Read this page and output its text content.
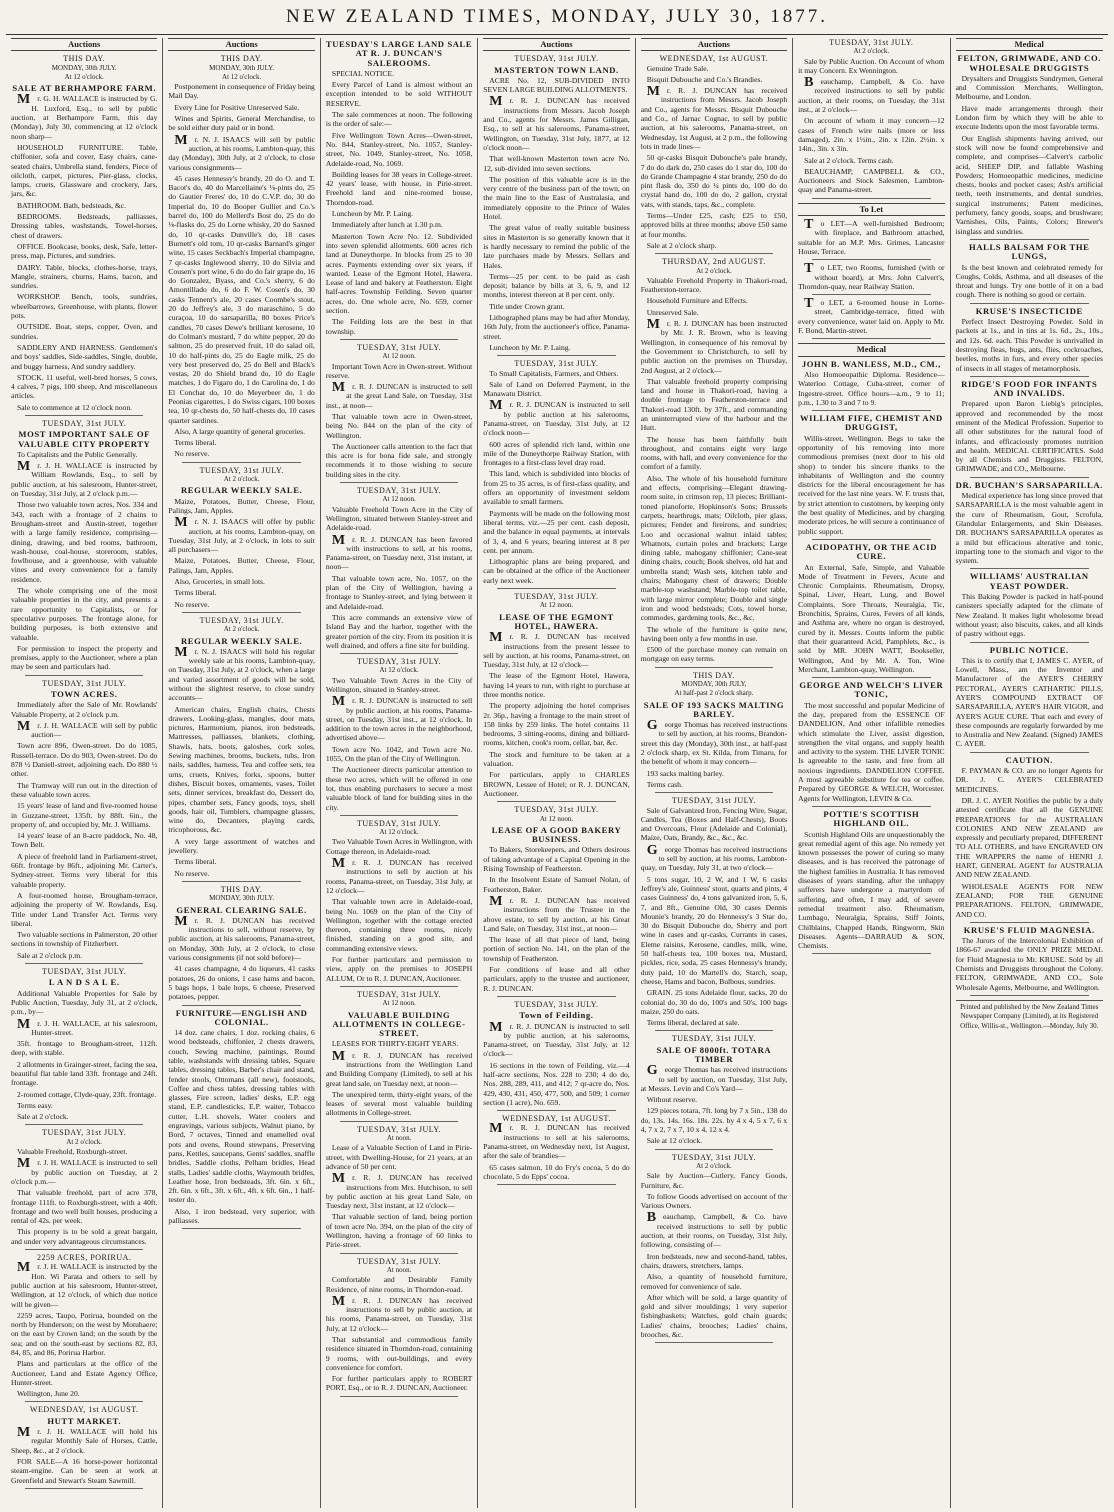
NEW ZEALAND TIMES, MONDAY, JULY 30, 1877.
Auctions
THIS DAY.
MONDAY, 30th JULY.
At 12 o'clock.
SALE AT BERHAMPORE FARM.

Mr. G. H. WALLACE is instructed by G. H. Luxford, Esq., to sell by public auction, at Berhampore Farm, this day (Monday), July 30, commencing at 12 o'clock noon sharp—

HOUSEHOLD FURNITURE. Table, chiffonier, sofa and cover, Easy chairs, cane-seated chairs, Umbrella stand, fenders, Piece of oilcloth, carpet, pictures, Pier-glass, clocks, lamps, cruets, Glassware and crockery, Jars, jars, &c.

BATHROOM. Bath, bedsteads, &c.

BEDROOMS. Bedsteads, palliasses, Dressing tables, washstands, Towel-horses, chest of drawers.

OFFICE. Bookcase, books, desk, Safe, letter-press, map, Pictures, and sundries.

DAIRY. Table, blocks, clothes-horse, trays, Mangle, strainers, churns, Hams, bacon, and sundries.

WORKSHOP. Bench, tools, sundries, wheelbarrows, Greenhouse, with plants, flower pots.

OUTSIDE. Boat, steps, copper, Oven, and sundries.

SADDLERY AND HARNESS. Gentlemen's and boys' saddles, Side-saddles, Single, double, and buggy harness, And sundry saddlery.

STOCK. 11 useful, well-bred horses, 5 cows, 4 calves, 7 pigs, 100 sheep, And miscellaneous articles.

Sale to commence at 12 o'clock noon.

TUESDAY, 31st JULY.
MOST IMPORTANT SALE OF VALUABLE CITY PROPERTY

To Capitalists and the Public Generally.

Mr. J. H. WALLACE is instructed by William Rowlands, Esq., to sell by public auction, at his salesroom, Hunter-street, on Tuesday, 31st July, at 2 o'clock p.m.—

Those two valuable town acres, Nos. 334 and 343, each with a frontage of 2 chains to Brougham-street and Austin-street, together with a large family residence, comprising—dining, drawing, and bed rooms, bathroom, wash-house, coal-house, storeroom, stables, fowlhouse, and a greenhouse, with valuable vines and every convenience for a family residence.

The whole comprising one of the most valuable properties in the city, and presents a rare opportunity to Capitalists, or for speculative purposes. The frontage alone, for building purposes, is both extensive and valuable.

For permission to inspect the property and premises, apply to the Auctioneer, where a plan may be seen and particulars had.

TUESDAY, 31st JULY.
TOWN ACRES.

Immediately after the Sale of Mr. Rowlands' Valuable Property, at 2 o'clock p.m.

Mr. J. H. WALLACE will sell by public auction—

Town acre 896, Owen-street. Do do 1085, Russell-terrace. Do do 903, Owen-street. Do do 878 ½ Daniell-street, adjoining each. Do 880 ½ other.

The Tramway will run out in the direction of these valuable town acres.

15 years' lease of land and five-roomed house in Guzzane-street, 135ft. by 88ft. 6in., the property of, and occupied by, Mr. J. Williams.

14 years' lease of an 8-acre paddock, No. 48, Town Belt.

A piece of freehold land in Parliament-street, 66ft. frontage by 86ft., adjoining Mr. Carter's, Sydney-street. Terms very liberal for this valuable property.

A four-roomed house, Brougham-terrace, adjoining the property of W. Rowlands, Esq. Title under Land Transfer Act. Terms very liberal.

Two valuable sections in Palmerston, 20 other sections in township of Fitzherbert.

Sale at 2 o'clock p.m.

TUESDAY, 31st JULY.
L A N D S A L E.

Additional Valuable Properties for Sale by Public Auction, Tuesday, July 31, at 2 o'clock, p.m., by—

Mr. J. H. WALLACE, at his salesroom, Hunter-street.

35ft. frontage to Brougham-street, 112ft. deep, with stable.

2 allotments in Grainger-street, facing the sea, beautiful flat table land 33ft. frontage and 24ft. frontage.

2-roomed cottage, Clyde-quay, 23ft. frontage.

Terms easy.

Sale at 2 o'clock.

TUESDAY, 31st JULY.
At 2 o'clock.

Valuable Freehold, Roxburgh-street.

Mr. J. H. WALLACE is instructed to sell by public auction on Tuesday, at 2 o'clock p.m.—

That valuable freehold, part of acre 378, frontage 111ft. to Roxburgh-street, with a 40ft. frontage and two well built houses, producing a rental of 42s. per week.

This property is to be sold a great bargain, and under very advantageous circumstances.

2259 ACRES, PORIRUA.

Mr. J. H. WALLACE is instructed by the Hon. Wi Parata and others to sell by public auction at his salesroom, Hunter-street, Wellington, at 12 o'clock, of which due notice will be given—

2259 acres, Taupo, Porirua, bounded on the north by Hunderson; on the west by Motuhaere; on the east by Crown land; on the south by the sea; and on the south-east by sections 82, 83, 84, 85, and 86, Porirua Harbor.

Plans and particulars at the office of the Auctioneer, Land and Estate Agency Office, Hunter-street.

Wellington, June 20.

WEDNESDAY, 1st AUGUST.
HUTT MARKET.

Mr. J. H. WALLACE will hold his regular Monthly Sale of Horses, Cattle, Sheep, &c., at 2 o'clock.

FOR SALE—A 16 horse-power horizontal steam-engine. Can be seen at work at Greenfield and Stewart's Steam Sawmill.

Auctions
THIS DAY.
MONDAY, 30th JULY.
At 12 o'clock.

Postponement in consequence of Friday being Mail Day.

Every Line for Positive Unreserved Sale.

Wines and Spirits, General Merchandise, to be sold either duty paid or in bond.

Mr. N. J. ISAACS will sell by public auction, at his rooms, Lambton-quay, this day (Monday), 30th July, at 2 o'clock, to close various consignments—

45 cases Hennessy's brandy, 20 do O. and T. Bacot's do, 40 do Marcellaine's ⅛-pints do, 25 do Gautier Freres' do, 10 do C.V.P. do, 30 do Imperial do, 10 do Booper Gulliet and Co.'s barrel do, 100 do Mellerd's Bost do, 25 do do ⅛-flasks do, 25 do Lorne whisky, 20 do Saxned do, 10 qr-casks Dunville's do, 18 cases Burnett's old tom, 10 qr-casks Barnard's ginger wine, 15 cases Seckbach's Imperial champagne, 7 qr-casks Inglewood sherry, 10 do Silvia and Cousen's port wine, 6 do do do fair grape do, 16 do Gonzalez, Byass, and Co.'s sherry, 6 do Amontillado do, 6 do F. W. Cosen's do, 30 casks Tennent's ale, 20 cases Coombe's stout, 20 do Jeffrey's ale, 3 do maraschino, 5 do curaçoa, 10 do sarsaparilla, 80 boxes Price's candles, 70 cases Dewe's brilliant kerosene, 10 do Colman's mustard, 7 do white pepper, 20 do salmon, 25 do preserved fruit, 10 do salad oil, 10 do half-pints do, 25 do Eagle milk, 25 do very best preserved do, 25 do Bell and Black's vestas, 20 do Shield brand do, 10 do Eagle matches, 1 do Figaro do, 1 do Carolina do, 1 do El Conchat do, 10 do Meyerbeer do, 1 do Peonias cigarettes, 1 do Swiss cigars, 100 boxes tea, 10 qr-chests do, 50 half-chests do, 10 cases quarter sardines.

Also, A large quantity of general groceries.

Terms liberal.

No reserve.

TUESDAY, 31st JULY.
At 2 o'clock.
REGULAR WEEKLY SALE.

Maize, Potatoes, Butter, Cheese, Flour, Palings, Jam, Apples.

Mr. N. J. ISAACS will offer by public auction, at his rooms, Lambton-quay, on Tuesday, 31st July, at 2 o'clock, in lots to suit all purchasers—

Maize, Potatoes, Butter, Cheese, Flour, Palings, Jam, Apples.

Also, Groceries, in small lots.

Terms liberal.

No reserve.

TUESDAY, 31st JULY.
At 2 o'clock.
REGULAR WEEKLY SALE.

Mr. N. J. ISAACS will hold his regular weekly sale at his rooms, Lambton-quay, on Tuesday, 31st July, at 2 o'clock, when a large and varied assortment of goods will be sold, without the slightest reserve, to close sundry accounts—

American chairs, English chairs, Chests drawers, Looking-glass, mangles, door mats, pictures, Harmonium, pianos, iron bedsteads, Mattresses, palliasses, blankets, clothing, Shawls, hats, boots, galoshes, cork soles, Sewing machines, brooms, buckets, tubs, Iron nails, saddles, harness, Tea and coffee sets, tea urns, cruets, Knives, forks, spoons, butter dishes, Biscuit boxes, ornaments, vases, Toilet sets, dinner services, breakfast do, Dessert do, pipes, chamber sets, Fancy goods, toys, shell goods, hair oil, Tumblers, champagne glasses, wine do, Decanters, playing cards, tricophorous, &c.

A very large assortment of watches and jewellery.

Terms liberal.

No reserve.

THIS DAY.
MONDAY, 30th JULY.
GENERAL CLEARING SALE.

Mr. R. J. DUNCAN has received instructions to sell, without reserve, by public auction, at his salerooms, Panama-street, on Monday, 30th July, at 2 o'clock, to close various consignments (if not sold before)—

41 cases champagne, 4 do liqueurs, 41 casks potatoes, 26 do onions, 1 case hams and bacon, 5 bags hops, 1 bale hops, 6 cheese, Preserved potatoes, pepper.

FURNITURE—ENGLISH AND COLONIAL.

14 doz. cane chairs, 1 doz. rocking chairs, 6 wood bedsteads, chiffonier, 2 chests drawers, couch, Sewing machine, paintings, Round table, washstands with dressing tables, Square tables, dressing tables, Barber's chair and stand, fender stools, Ottomans (all new), footstools, Coffee and chess tables, dressing tables with glasses, Fire screen, ladies' desks, E.P. egg stand, E.P. candlesticks, E.P. waiter, Tobacco cutter, L.H. shovels, Water coolers and engravings, various subjects, Walnut piano, by Bord, 7 octaves, Tinned and enamelled oval pots and ovens, Round stewpans, Preserving pans, Kettles, saucepans, Gents' saddles, snaffle bridles, Saddle cloths, Pelham bridles, Head stalls, Ladies' saddle cloths, Waymouth bridles, Leather hose, Iron bedsteads, 3ft. 6in. x 6ft., 2ft. 6in. x 6ft., 3ft. x 6ft., 4ft. x 6ft. 6in., 1 half-tester do.

Also, 1 iron bedstead, very superior, with palliasses.

TUESDAY'S LARGE LAND SALE AT R. J. DUNCAN'S SALEROOMS.

SPECIAL NOTICE.

Every Parcel of Land is almost without an exception intended to be sold WITHOUT RESERVE.

The sale commences at noon. The following is the order of sale:—

Five Wellington Town Acres—Owen-street, No. 844, Stanley-street, No. 1057, Stanley-street, No. 1049, Stanley-street, No. 1058, Adelaide-road, No. 1069.

Building leases for 38 years in College-street. 42 years' lease, with house, in Pirie-street. Freehold land and nine-roomed house, Thorndon-road.

Luncheon by Mr. P. Laing.

Immediately after lunch at 1.30 p.m.

Masterton Town Acre No. 12. Subdivided into seven splendid allotments. 600 acres rich land at Duneythorpe. In blocks from 25 to 30 acres. Payments extending over six years, if wanted. Lease of the Egmont Hotel, Hawera. Lease of land and bakery at Featherston. Eight half-acres Township Feilding. Seven quarter acres, do. One whole acre, No. 659, corner section.

The Feilding lots are the best in that township.

TUESDAY, 31st JULY.
At 12 noon.

Important Town Acre in Owen-street. Without reserve.

Mr. R. J. DUNCAN is instructed to sell at the great Land Sale, on Tuesday, 31st inst., at noon—

That valuable town acre in Owen-street, being No. 844 on the plan of the city of Wellington.

The Auctioneer calls attention to the fact that this acre is for bona fide sale, and strongly recommends it to those wishing to secure building sites in the city.

TUESDAY, 31st JULY.
At 12 noon.

Valuable Freehold Town Acre in the City of Wellington, situated between Stanley-street and Adelaide-road.

Mr. R. J. DUNCAN has been favored with instructions to sell, at his rooms, Panama-street, on Tuesday next, 31st instant, at noon—

That valuable town acre, No. 1057, on the plan of the City of Wellington, having a frontage to Stanley-street, and lying between it and Adelaide-road.

This acre commands an extensive view of Island Bay and the harbor, together with the greater portion of the city. From its position it is well drained, and offers a fine site for building.

TUESDAY, 31st JULY.
At 12 o'clock.

Two Valuable Town Acres in the City of Wellington, situated in Stanley-street.

Mr. R. J. DUNCAN is instructed to sell by public auction, at his rooms, Panama-street, on Tuesday, 31st inst., at 12 o'clock, In addition to the town acres in the neighborhood, advertised above—

Town acre No. 1042, and Town acre No. 1055, On the plan of the City of Wellington.

The Auctioneer directs particular attention to these two acres, which will be offered in one lot, thus enabling purchasers to secure a most valuable block of land for building sites in the city.

TUESDAY, 31st JULY.
At 12 o'clock.

Two Valuable Town Acres in Wellington, with Cottage thereon, in Adelaide-road.

Mr. R. J. DUNCAN has received instructions to sell by auction at his rooms, Panama-street, on Tuesday, 31st July, at 12 o'clock—

That valuable town acre in Adelaide-road, being No. 1069 on the plan of the City of Wellington, together with the cottage erected thereon, containing three rooms, nicely finished, standing on a good site, and commanding extensive views.

For further particulars and permission to view, apply on the premises to JOSEPH ALLUM, Or to R. J. DUNCAN, Auctioneer.

TUESDAY, 31st JULY.
At 12 noon.
VALUABLE BUILDING ALLOTMENTS IN COLLEGE-STREET.

LEASES FOR THIRTY-EIGHT YEARS.

Mr. R. J. DUNCAN has received instructions from the Wellington Land and Building Company (Limited), to sell at his great land sale, on Tuesday next, at noon—

The unexpired term, thirty-eight years, of the leases of several most valuable building allotments in College-street.

TUESDAY, 31st JULY.
At noon.

Lease of a Valuable Section of Land in Pirie-street, with Dwelling-House, for 21 years, at an advance of 50 per cent.

Mr. R. J. DUNCAN has received instructions from Mrs. Hutchison, to sell by public auction at his great Land Sale, on Tuesday next, 31st instant, at 12 o'clock—

That valuable section of land, being portion of town acre No. 394, on the plan of the city of Wellington, having a frontage of 60 links to Pirie-street.

TUESDAY, 31st JULY.
At noon.

Comfortable and Desirable Family Residence, of nine rooms, in Thorndon-road.

Mr. R. J. DUNCAN has received instructions to sell by public auction, at his rooms, Panama-street, on Tuesday, 31st July, at 12 o'clock—

That substantial and commodious family residence situated in Thorndon-road, containing 9 rooms, with out-buildings, and every convenience for comfort.

For further particulars apply to ROBERT PORT, Esq., or to R. J. DUNCAN, Auctioneer.

Auctions
TUESDAY, 31st JULY.
MASTERTON TOWN LAND.

ACRE No. 12, SUB-DIVIDED INTO SEVEN LARGE BUILDING ALLOTMENTS.

Mr. R. J. DUNCAN has received instructions from Messrs. Jacob Joseph and Co., agents for Messrs. James Gilligan, Esq., to sell at his salerooms, Panama-street, Wellington, on Tuesday, 31st July, 1877, at 12 o'clock noon—

That well-known Masterton town acre No. 12, sub-divided into seven sections.

The position of this valuable acre is in the very centre of the business part of the town, on the main line to the East of Australasia, and immediately opposite to the Prince of Wales Hotel.

The great value of really suitable business sites in Masterton is so generally known that it is hardly necessary to remind the public of the late purchases made by Messrs. Sellars and Hales.

Terms—25 per cent. to be paid as cash deposit; balance by bills at 3, 6, 9, and 12 months, interest thereon at 8 per cent. only.

Title under Crown grant.

Lithographed plans may be had after Monday, 16th July, from the auctioneer's office, Panama-street.

Luncheon by Mr. P. Laing.

TUESDAY, 31st JULY.

To Small Capitalists, Farmers, and Others.

Sale of Land on Deferred Payment, in the Manawatu District.

Mr. R. J. DUNCAN is instructed to sell by public auction at his salerooms, Panama-street, on Tuesday, 31st July, at 12 o'clock noon—

600 acres of splendid rich land, within one mile of the Duneythorpe Railway Station, with frontages to a first-class level dray road.

This land, which is subdivided into blocks of from 25 to 35 acres, is of first-class quality, and offers an opportunity of investment seldom available to small farmers.

Payments will be made on the following most liberal terms, viz.—25 per cent. cash deposit, and the balance in equal payments, at intervals of 3, 4, and 6 years, bearing interest at 8 per cent. per annum.

Lithographic plans are being prepared, and can be obtained at the office of the Auctioneer early next week.

TUESDAY, 31st JULY.
At 12 noon.
LEASE OF THE EGMONT HOTEL, HAWERA.

Mr. R. J. DUNCAN has received instructions from the present lessee to sell by auction, at his rooms, Panama-street, on Tuesday, 31st July, at 12 o'clock—

The lease of the Egmont Hotel, Hawera, having 14 years to run, with right to purchase at three months notice.

The property adjoining the hotel comprises 2r. 36p., having a frontage to the main street of 158 links by 259 links. The hotel contains 11 bedrooms, 3 sitting-rooms, dining and billiard-rooms, kitchen, cook's room, cellar, bar, &c.

The stock and furniture to be taken at a valuation.

For particulars, apply to CHARLES BROWN, Lessee of Hotel; or R. J. DUNCAN, Auctioneer.

TUESDAY, 31st JULY.
At 12 noon.
LEASE OF A GOOD BAKERY BUSINESS.

To Bakers, Storekeepers, and Others desirous of taking advantage of a Capital Opening in the Rising Township of Featherston.

In the Insolvent Estate of Samuel Nolan, of Featherston, Baker.

Mr. R. J. DUNCAN has received instructions from the Trustee in the above estate, to sell by auction, at his Great Land Sale, on Tuesday, 31st inst., at noon—

The lease of all that piece of land, being portion of section No. 141, on the plan of the township of Featherston.

For conditions of lease and all other particulars, apply to the trustee and auctioneer, R. J. DUNCAN.

TUESDAY, 31st JULY.
Town of Feilding.

Mr. R. J. DUNCAN is instructed to sell by public auction, at his salerooms, Panama-street, on Tuesday, 31st July, at 12 o'clock—

16 sections in the town of Feilding, viz.—4 half-acre sections, Nos. 228 to 230; 4 do do, Nos. 288, 289, 411, and 412; 7 qr-acre do, Nos. 429, 430, 431, 450, 477, 500, and 509; 1 corner section (1 acre), No. 659.

WEDNESDAY, 1st AUGUST.

Mr. R. J. DUNCAN has received instructions to sell at his salerooms, Panama-street, on Wednesday next, 1st August, after the sale of brandies—

65 cases salmon, 10 do Fry's cocoa, 5 do do chocolate, 5 do Epps' cocoa.

Auctions
WEDNESDAY, 1st AUGUST.

Genuine Trade Sale.

Bisquit Dubouche and Co.'s Brandies.

Mr. R. J. DUNCAN has received instructions from Messrs. Jacob Joseph and Co., agents for Messrs. Bisquit Dubouche and Co., of Jarnac Cognac, to sell by public auction, at his salerooms, Panama-street, on Wednesday, 1st August, at 2 p.m., the following lots in trade lines—

50 qr-casks Bisquit Dubouche's pale brandy, 7 do do dark do, 250 cases do 1 star do, 100 do do Grande Champagne 4 star brandy, 250 do do pint flask do, 350 do ¼ pints do, 100 do do crystal hand do, 100 do do, 2 gallon, crystal vats, with stands, taps, &c., complete.

Terms—Under £25, cash; £25 to £50, approved bills at three months; above £50 same at four months.

Sale at 2 o'clock sharp.

THURSDAY, 2nd AUGUST.
At 2 o'clock.

Valuable Freehold Property in Thakori-road, Featherston-terrace.

Household Furniture and Effects.

Unreserved Sale.

Mr. R. J. DUNCAN has been instructed by Mr. J. R. Brown, who is leaving Wellington, in consequence of his removal by the Government to Christchurch, to sell by public auction on the premises on Thursday, 2nd August, at 2 o'clock—

That valuable freehold property comprising land and house in Thakori-road, having a double frontage to Featherston-terrace and Thakori-road 130ft. by 37ft., and commanding an uninterrupted view of the harbour and the Hutt.

The house has been faithfully built throughout, and contains eight very large rooms, with hall, and every convenience for the comfort of a family.

Also, The whole of his household furniture and effects, comprising—Elegant drawing-room suite, in crimson rep, 13 pieces; Brilliant-toned pianoforte, Hopkinson's Sons; Brussels carpets, hearthrugs, mats; Oilcloth, pier glass, pictures; Fender and fireirons, and sundries; Loo and occasional walnut inlaid tables; Whatnots, curtain poles and brackets; Large dining table, mahogany chiffonier; Cane-seat dining chairs, couch; Book shelves, old hat and umbrella stand; Wash sets, kitchen table and chairs; Mahogany chest of drawers; Double marble-top washstand; Marble-top toilet table, with large mirror complete; Double and single iron and wood bedsteads; Cots, towel horse, commodes, gardening tools, &c., &c.

The whole of the furniture is quite new, having been only a few months in use.

£500 of the purchase money can remain on mortgage on easy terms.

THIS DAY.
MONDAY, 30th JULY,
At half-past 2 o'clock sharp.
SALE OF 193 SACKS MALTING BARLEY.

George Thomas has received instructions to sell by auction, at his rooms, Brandon-street this day (Monday), 30th inst., at half-past 2 o'clock sharp, ex St. Kilda, from Timaru, for the benefit of whom it may concern—

193 sacks malting barley.

Terms cash.

TUESDAY, 31st JULY.

Sale of Galvanized Iron, Fencing Wire, Sugar, Candles, Tea (Boxes and Half-Chests), Boots and Overcoats, Flour (Adelaide and Colonial), Maize, Oats, Brandy, &c., &c., &c.

George Thomas has received instructions to sell by auction, at his rooms, Lambton-quay, on Tuesday, July 31, at two o'clock—

5 tons sugar, 10, 2 W, and 1 W, 6 casks Jeffrey's ale, Guinness' stout, quarts and pints, 4 cases Guinness' do, 4 tons galvanized iron, 5, 6, 7, and 8ft., Genuine Old, 30 cases Dennis Mounie's brandy, 20 do Hennessy's 3 Star do, 30 do Bisquit Dubouche do, Sherry and port wine in cases and qr-casks, Currants in cases, Eleme raisins, Kerosene, candles, milk, wine, 50 half-chests tea, 100 boxes tea, Mustard, pickles, rice, soda, 25 cases Hennessy's brandy, duty paid, 10 do Martell's do, Starch, soap, cheese, Hams and bacon, Bulbous, sundries.

GRAIN. 25 tons Adelaide flour, sacks, 20 do colonial do, 30 do do, 100's and 50's, 100 bags maize, 250 do oats.

Terms liberal, declared at sale.

TUESDAY, 31st JULY.
SALE OF 8000ft. TOTARA TIMBER

George Thomas has received instructions to sell by auction, on Tuesday, 31st July, at Messrs. Levin and Co's Yard—

Without reserve.

129 pieces totara, 7ft. long by 7 x 5in., 138 do do, 13s. 14s. 16s. 18s. 22s. by 4 x 4, 5 x 7, 6 x 4, 7 x 2, 7 x 7, 10 x 4, 12 x 4.

Sale at 12 o'clock.

TUESDAY, 31st JULY.
At 2 o'clock.

Sale by Auction—Cutlery, Fancy Goods, Furniture, &c.

To follow Goods advertised on account of the Various Owners.

Beauchamp, Campbell, & Co. have received instructions to sell by public auction, at their rooms, on Tuesday, 31st July, following, consisting of—

Iron bedsteads, new and second-hand, tables, chairs, drawers, stretchers, lamps.

Also, a quantity of household furniture, removed for convenience of sale.

After which will be sold, a large quantity of gold and silver mouldings; 1 very superior fishingbaskets; Watches, gold chain guards; Ladies' chains, brooches; Ladies' chains, brooches, &c.

TUESDAY, 31st JULY.
At 2 o'clock.

Sale by Public Auction. On Account of whom it may Concern. Ex Wennington.

Beauchamp, Campbell, & Co. have received instructions to sell by public auction, at their rooms, on Tuesday, the 31st inst., at 2 o'clock—

On account of whom it may concern—12 cases of French wire nails (more or less damaged), 2in. x 1½in., 2in. x 12in. 2½in. x 14in., 3in. x 3in.

Sale at 2 o'clock. Terms cash.

BEAUCHAMP, CAMPBELL & CO., Auctioneers and Stock Salesmen, Lambton-quay and Panama-street.

To Let

To LET—A well-furnished Bedroom; with fireplace, and Bathroom attached, suitable for an M.P. Mrs. Grimes, Lancaster House, Terrace.

To LET, two Rooms, furnished (with or without board), at Mrs. John Calvert's, Thorndon-quay, near Railway Station.

To LET, a 6-roomed house in Lorne-street, Cambridge-terrace, fitted with every convenience, water laid on. Apply to Mr. F. Bond, Martin-street.

Medical
JOHN B. WANLESS, M.D., CM.,

Also Homoeopathic Diploma. Residence—Waterloo Cottage, Cuba-street, corner of Ingestre-street. Office hours—a.m., 9 to 11; p.m., 1.30 to 3 and 7 to 9.

WILLIAM FIFE, CHEMIST AND DRUGGIST,

Willis-street, Wellington. Begs to take the opportunity of his removing into more commodious premises (next door to his old shop) to tender his sincere thanks to the inhabitants of Wellington and the country districts for the liberal encouragement he has received for the last nine years. W. F. trusts that, by strict attention to customers, by keeping only the best quality of Medicines, and by charging moderate prices, he will secure a continuance of public support.

ACIDOPATHY, OR THE ACID CURE.

An External, Safe, Simple, and Valuable Mode of Treatment in Fevers, Acute and Chronic Complaints. Rheumatism, Dropsy, Spinal, Liver, Heart, Lung, and Bowel Complaints, Sore Throats, Neuralgia, Tic, Bronchitis, Sprains, Cures, Fevers of all kinds, and Asthma are, where no organ is destroyed, cured by it. Messrs. Coutts inform the public that their guaranteed Acid, Pamphlets, &c., is sold by MR. JOHN WATT, Bookseller, Wellington, And by Mr. A. Ton, Wine Merchant, Lambton-quay, Wellington.

GEORGE AND WELCH'S LIVER TONIC,

The most successful and popular Medicine of the day, prepared from the ESSENCE OF DANDELION, And other infallible remedies which stimulate the Liver, assist digestion, strengthen the vital organs, and supply health and activity to the system. THE LIVER TONIC Is agreeable to the taste, and free from all noxious ingredients. DANDELION COFFEE. A most agreeable substitute for tea or coffee. Prepared by GEORGE & WELCH, Worcester. Agents for Wellington, LEVIN & Co.

POTTIE'S SCOTTISH HIGHLAND OIL.

Scottish Highland Oils are unquestionably the great remedial agent of this age. No remedy yet known possesses the power of curing so many diseases, and is has received the patronage of the highest families in Australia. It has removed diseases of years standing, after the unhappy sufferers have undergone a martyrdom of suffering, and often, I may add, of severe remedial treatment also. Rheumatism, Lumbago, Neuralgia, Sprains, Stiff Joints, Chilblains, Chapped Hands, Ringworm, Skin Diseases. Agents—DARRAUD & SON, Chemists.

Medical
FELTON, GRIMWADE, AND CO. WHOLESALE DRUGGISTS

Drysalters and Druggists Sundrymen, General and Commission Merchants, Wellington, Melbourne, and London.

Have made arrangements through their London firm by which they will be able to execute Indents upon the most favorable terms.

Our English shipments having arrived, our stock will now be found comprehensive and complete, and comprises—Calvert's carbolic acid, SHEEP DIP, and fallable Washing Powders; Homoeopathic medicines, medicine chests, books and pocket cases; Ash's artificial teeth, teeth instruments, and dental sundries, surgical instruments; Patent medicines, perfumery, fancy goods, soaps, and brushware; Varnishes, Oils, Paints, Colors; Brewer's isinglass and sundries.

HALLS BALSAM FOR THE LUNGS,

Is the best known and celebrated remedy for Coughs, Colds, Asthma, and all diseases of the throat and lungs. Try one bottle of it on a bad cough. There is nothing so good or certain.

KRUSE'S INSECTICIDE

Perfect Insect Destroying Powder. Sold in packets at 1s., and in tins at 1s. 6d., 2s., 10s., and 12s. 6d. each. This Powder is unrivalled in destroying fleas, bugs, ants, flies, cockroaches, beetles, moths in furs, and every other species of insects in all stages of metamorphosis.

RIDGE'S FOOD FOR INFANTS AND INVALIDS.

Prepared upon Baron Liebig's principles, approved and recommended by the most eminent of the Medical Profession. Superior to all other substitutes for the natural food of infants, and efficaciously promotes nutrition and health. MEDICAL CERTIFICATES. Sold by all Chemists and Druggists. FELTON, GRIMWADE, and CO., Melbourne.

DR. BUCHAN'S SARSAPARILLA.

Medical experience has long since proved that SARSAPARILLA is the most valuable agent in the cure of Rheumatism, Gout, Scrofula, Glandular Enlargements, and Skin Diseases. DR. BUCHAN'S SARSAPARILLA operates as a mild but efficacious alterative and tonic, imparting tone to the stomach and vigor to the system.

WILLIAMS' AUSTRALIAN YEAST POWDER.

This Baking Powder is packed in half-pound canisters specially adapted for the climate of New Zealand. It makes light wholesome bread without yeast; also biscuits, cakes, and all kinds of pastry without eggs.

PUBLIC NOTICE.

This is to certify that I, JAMES C. AYER, of Lowell, Mass., am the Inventor and Manufacturer of the AYER'S CHERRY PECTORAL, AYER'S CATHARTIC PILLS, AYER'S COMPOUND EXTRACT OF SARSAPARILLA, AYER'S HAIR VIGOR, and AYER'S AGUE CURE. That each and every of these compounds are regularly forwarded by me to Australia and New Zealand. (Signed) JAMES C. AYER.

CAUTION.

F. PAYMAN & CO. are no longer Agents for DR. J. C. AYER'S CELEBRATED MEDICINES.

DR. J. C. AYER Notifies the public by a duly attested certificate that all the GENUINE PREPARATIONS for the AUSTRALIAN COLONIES AND NEW ZEALAND are expressly and peculiarly prepared, DIFFERENT TO ALL OTHERS, and have ENGRAVED ON THE WRAPPERS the name of HENRI J. HART, GENERAL AGENT for AUSTRALIA AND NEW ZEALAND.

WHOLESALE AGENTS FOR NEW ZEALAND; FOR THE GENUINE PREPARATIONS. FELTON, GRIMWADE, AND CO.

KRUSE'S FLUID MAGNESIA.

The Jurors of the Intercolonial Exhibition of 1866-67 awarded the ONLY PRIZE MEDAL for Fluid Magnesia to Mr. KRUSE. Sold by all Chemists and Druggists throughout the Colony. FELTON, GRIMWADE, AND CO., Sole Wholesale Agents, Melbourne, and Wellington.

Printed and published by the New Zealand Times Newspaper Company (Limited), at its Registered Office, Willis-st., Wellington.—Monday, July 30.
